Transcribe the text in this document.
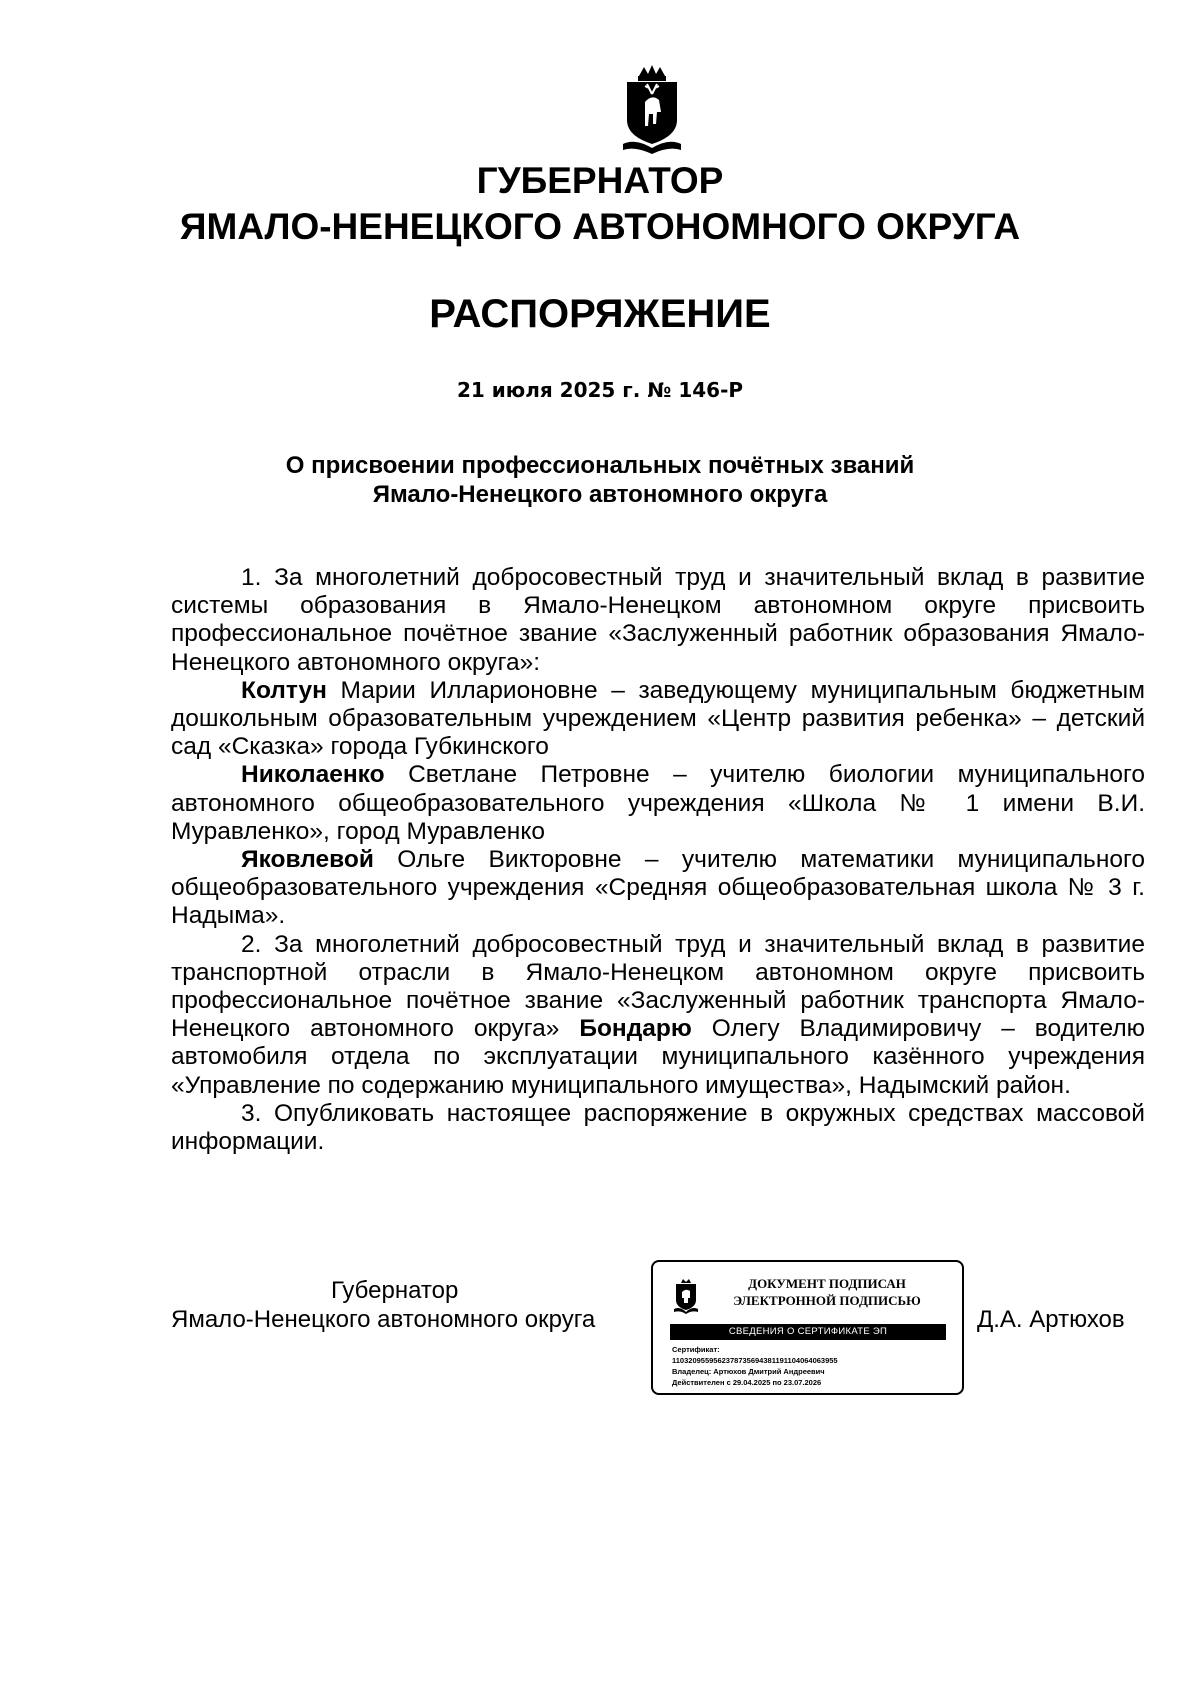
ГУБЕРНАТОР
ЯМАЛО-НЕНЕЦКОГО АВТОНОМНОГО ОКРУГА
РАСПОРЯЖЕНИЕ
21 июля 2025 г. № 146-Р
О присвоении профессиональных почётных званий
Ямало-Ненецкого автономного округа

1. За многолетний добросовестный труд и значительный вклад в развитие системы образования в Ямало-Ненецком автономном округе присвоить профессиональное почётное звание «Заслуженный работник образования Ямало-Ненецкого автономного округа»:

Колтун Марии Илларионовне – заведующему муниципальным бюджетным дошкольным образовательным учреждением «Центр развития ребенка» – детский сад «Сказка» города Губкинского

Николаенко Светлане Петровне – учителю биологии муниципального автономного общеобразовательного учреждения «Школа № 1 имени В.И. Муравленко», город Муравленко

Яковлевой Ольге Викторовне – учителю математики муниципального общеобразовательного учреждения «Средняя общеобразовательная школа № 3 г. Надыма».

2. За многолетний добросовестный труд и значительный вклад в развитие транспортной отрасли в Ямало-Ненецком автономном округе присвоить профессиональное почётное звание «Заслуженный работник транспорта Ямало-Ненецкого автономного округа» Бондарю Олегу Владимировичу – водителю автомобиля отдела по эксплуатации муниципального казённого учреждения «Управление по содержанию муниципального имущества», Надымский район.

3. Опубликовать настоящее распоряжение в окружных средствах массовой информации.

Губернатор
Ямало-Ненецкого автономного округа
ДОКУМЕНТ ПОДПИСАН
ЭЛЕКТРОННОЙ ПОДПИСЬЮ
СВЕДЕНИЯ О СЕРТИФИКАТЕ ЭП
Сертификат:
1103209559562378735694381191104064063955
Владелец: Артюхов Дмитрий Андреевич
Действителен с 29.04.2025 по 23.07.2026
Д.А. Артюхов
